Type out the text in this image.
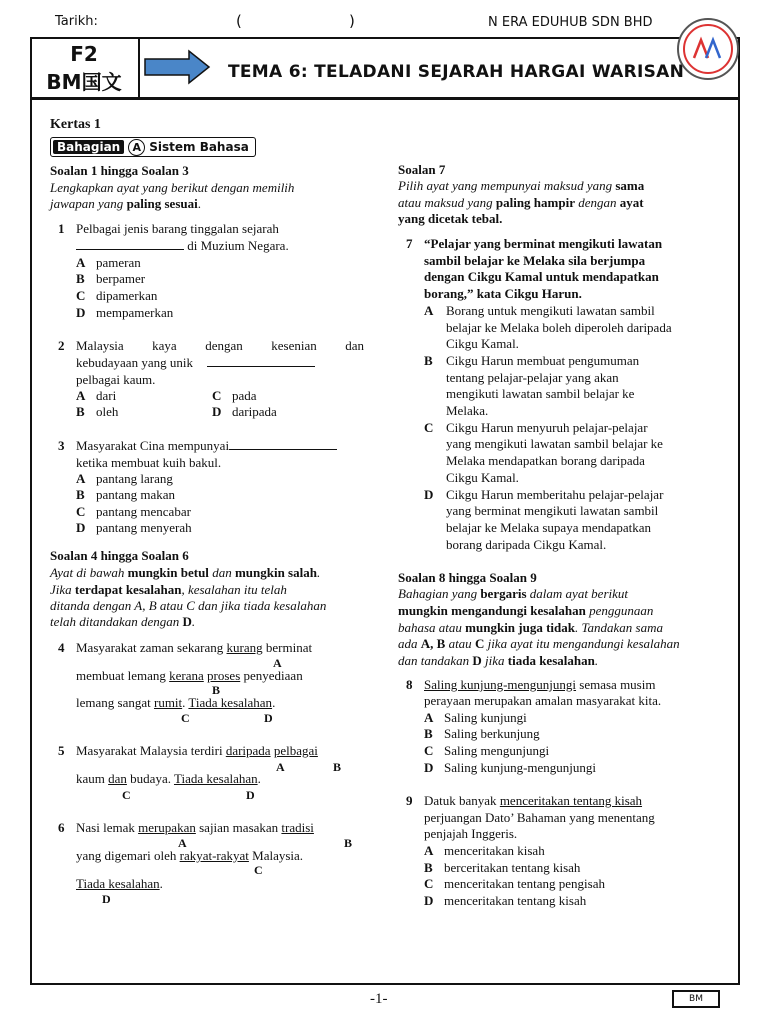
Tarikh:	(	)	N ERA EDUHUB SDN BHD
F2
BM国文	TEMA 6: TELADANI SEJARAH HARGAI WARISAN
Kertas 1
Bahagian A Sistem Bahasa
Soalan 1 hingga Soalan 3
Lengkapkan ayat yang berikut dengan memilih
jawapan yang paling sesuai.
1 Pelbagai jenis barang tinggalan sejarah
di Muzium Negara.
A pameran
B berpamer
C dipamerkan
D mempamerkan
2 Malaysia kaya dengan kesenian dan
kebudayaan yang unik
pelbagai kaum.
A dari	C pada
B oleh	D daripada
3 Masyarakat Cina mempunyai
ketika membuat kuih bakul.
A pantang larang
B pantang makan
C pantang mencabar
D pantang menyerah
Soalan 4 hingga Soalan 6
Ayat di bawah mungkin betul dan mungkin salah.
Jika terdapat kesalahan, kesalahan itu telah
ditanda dengan A, B atau C dan jika tiada kesalahan
telah ditandakan dengan D.
4 Masyarakat zaman sekarang kurang berminat
A
membuat lemang kerana proses penyediaan
B
lemang sangat rumit. Tiada kesalahan.
C	D
5 Masyarakat Malaysia terdiri daripada pelbagai
A	B
kaum dan budaya. Tiada kesalahan.
C	D
6 Nasi lemak merupakan sajian masakan tradisi
A	B
yang digemari oleh rakyat-rakyat Malaysia.
C
Tiada kesalahan.
D
Soalan 7
Pilih ayat yang mempunyai maksud yang sama
atau maksud yang paling hampir dengan ayat
yang dicetak tebal.
7 “Pelajar yang berminat mengikuti lawatan
sambil belajar ke Melaka sila berjumpa
dengan Cikgu Kamal untuk mendapatkan
borang,” kata Cikgu Harun.
A Borang untuk mengikuti lawatan sambil
belajar ke Melaka boleh diperoleh daripada
Cikgu Kamal.
B Cikgu Harun membuat pengumuman
tentang pelajar-pelajar yang akan
mengikuti lawatan sambil belajar ke
Melaka.
C Cikgu Harun menyuruh pelajar-pelajar
yang mengikuti lawatan sambil belajar ke
Melaka mendapatkan borang daripada
Cikgu Kamal.
D Cikgu Harun memberitahu pelajar-pelajar
yang berminat mengikuti lawatan sambil
belajar ke Melaka supaya mendapatkan
borang daripada Cikgu Kamal.
Soalan 8 hingga Soalan 9
Bahagian yang bergaris dalam ayat berikut
mungkin mengandungi kesalahan penggunaan
bahasa atau mungkin juga tidak. Tandakan sama
ada A, B atau C jika ayat itu mengandungi kesalahan
dan tandakan D jika tiada kesalahan.
8 Saling kunjung-mengunjungi semasa musim
perayaan merupakan amalan masyarakat kita.
A Saling kunjungi
B Saling berkunjung
C Saling mengunjungi
D Saling kunjung-mengunjungi
9 Datuk banyak menceritakan tentang kisah
perjuangan Dato’ Bahaman yang menentang
penjajah Inggeris.
A menceritakan kisah
B berceritakan tentang kisah
C menceritakan tentang pengisah
D menceritakan tentang kisah
-1-	BM
